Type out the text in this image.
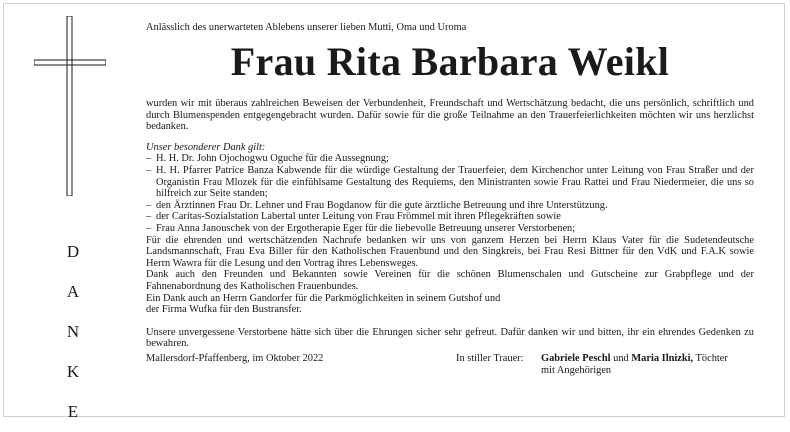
D
A
N
K
E

Anlässlich des unerwarteten Ablebens unserer lieben Mutti, Oma und Uroma

Frau Rita Barbara Weikl

wurden wir mit überaus zahlreichen Beweisen der Verbundenheit, Freundschaft und Wertschätzung bedacht, die uns persönlich, schriftlich und durch Blumenspenden entgegengebracht wurden. Dafür sowie für die große Teilnahme an den Trauerfeierlichkeiten möchten wir uns herzlichst bedanken.

Unser besonderer Dank gilt:

– H. H. Dr. John Ojochogwu Oguche für die Aussegnung;
– H. H. Pfarrer Patrice Banza Kabwende für die würdige Gestaltung der Trauerfeier, dem Kirchenchor unter Leitung von Frau Straßer und der Organistin Frau Mlozek für die einfühlsame Gestaltung des Requiems, den Ministranten sowie Frau Rattei und Frau Niedermeier, die uns so hilfreich zur Seite standen;
– den Ärztinnen Frau Dr. Lehner und Frau Bogdanow für die gute ärztliche Betreuung und ihre Unterstützung.
– der Caritas-Sozialstation Labertal unter Leitung von Frau Frömmel mit ihren Pflegekräften sowie
– Frau Anna Janouschek von der Ergotherapie Eger für die liebevolle Betreuung unserer Verstorbenen;

Für die ehrenden und wertschätzenden Nachrufe bedanken wir uns von ganzem Herzen bei Herrn Klaus Vater für die Sudetendeutsche Landsmannschaft, Frau Eva Biller für den Katholischen Frauenbund und den Singkreis, bei Frau Resi Bittner für den VdK und F.A.K sowie Herrn Wawra für die Lesung und den Vortrag ihres Lebensweges.

Dank auch den Freunden und Bekannten sowie Vereinen für die schönen Blumenschalen und Gutscheine zur Grabpflege und der Fahnenabordnung des Katholischen Frauenbundes.

Ein Dank auch an Herrn Gandorfer für die Parkmöglichkeiten in seinem Gutshof und

der Firma Wufka für den Bustransfer.

Unsere unvergessene Verstorbene hätte sich über die Ehrungen sicher sehr gefreut. Dafür danken wir und bitten, ihr ein ehrendes Gedenken zu bewahren.

Mallersdorf-Pfaffenberg, im Oktober 2022	In stiller Trauer: Gabriele Peschl und Maria Ilnizki, Töchter
mit Angehörigen
